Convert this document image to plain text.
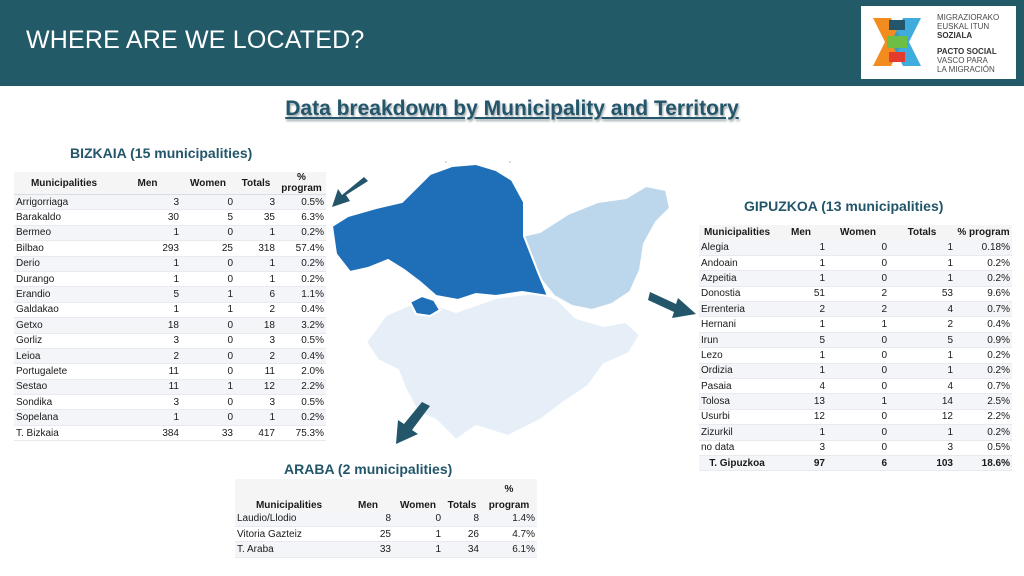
WHERE ARE WE LOCATED?
MIGRAZIORAKO
EUSKAL ITUN
SOZIALA
PACTO SOCIAL
VASCO PARA
LA MIGRACIÓN
Data breakdown by Municipality and Territory
BIZKAIA (15 municipalities)
Municipalities	Men	Women	Totals	% program
Arrigorriaga	3	0	3	0.5%
Barakaldo	30	5	35	6.3%
Bermeo	1	0	1	0.2%
Bilbao	293	25	318	57.4%
Derio	1	0	1	0.2%
Durango	1	0	1	0.2%
Erandio	5	1	6	1.1%
Galdakao	1	1	2	0.4%
Getxo	18	0	18	3.2%
Gorliz	3	0	3	0.5%
Leioa	2	0	2	0.4%
Portugalete	11	0	11	2.0%
Sestao	11	1	12	2.2%
Sondika	3	0	3	0.5%
Sopelana	1	0	1	0.2%
T. Bizkaia	384	33	417	75.3%
GIPUZKOA (13 municipalities)
Municipalities	Men	Women	Totals	% program
Alegia	1	0	1	0.18%
Andoain	1	0	1	0.2%
Azpeitia	1	0	1	0.2%
Donostia	51	2	53	9.6%
Errenteria	2	2	4	0.7%
Hernani	1	1	2	0.4%
Irun	5	0	5	0.9%
Lezo	1	0	1	0.2%
Ordizia	1	0	1	0.2%
Pasaia	4	0	4	0.7%
Tolosa	13	1	14	2.5%
Usurbi	12	0	12	2.2%
Zizurkil	1	0	1	0.2%
no data	3	0	3	0.5%
T. Gipuzkoa	97	6	103	18.6%
ARABA (2 municipalities)
				%
Municipalities	Men	Women	Totals	program
Laudio/Llodio	8	0	8	1.4%
Vitoria Gazteiz	25	1	26	4.7%
T. Araba	33	1	34	6.1%
